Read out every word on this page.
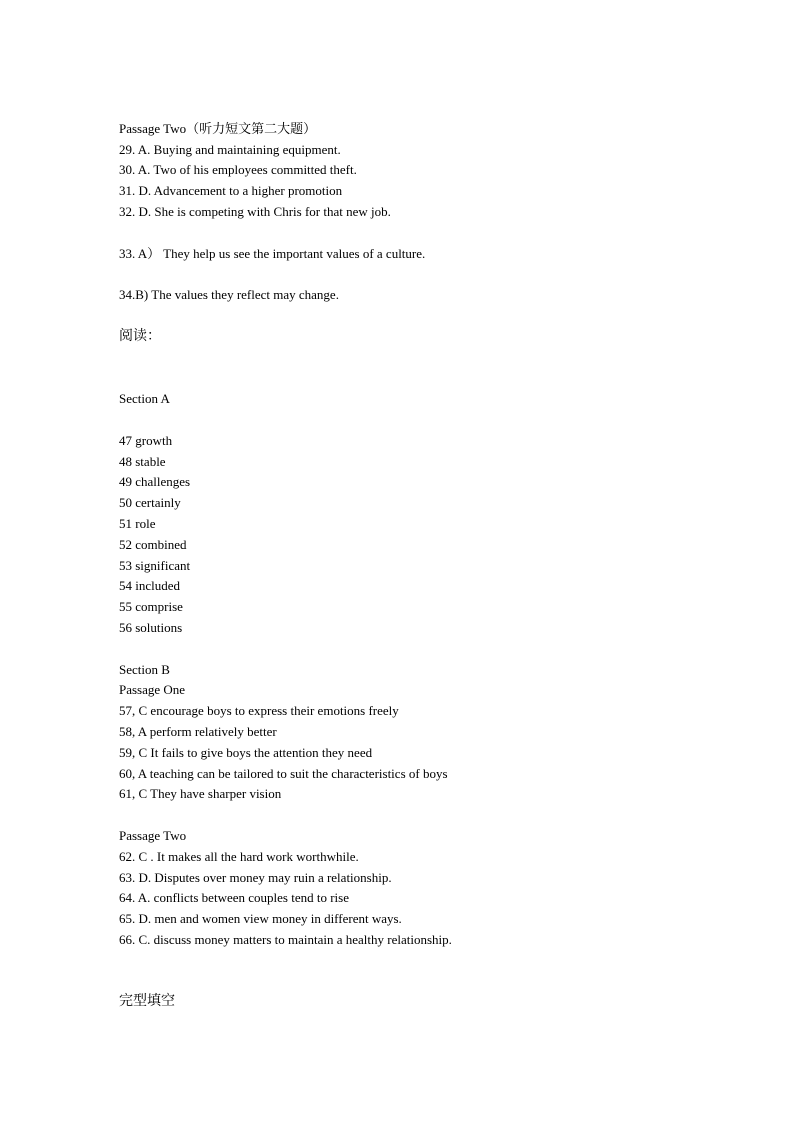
Passage Two（听力短文第二大题）
29. A. Buying and maintaining equipment.
30. A. Two of his employees committed theft.
31. D. Advancement to a higher promotion
32. D. She is competing with Chris for that new job.
33. A） They help us see the important values of a culture.
34.B) The values they reflect may change.
阅读：
Section A
47 growth
48 stable
49 challenges
50 certainly
51 role
52 combined
53 significant
54 included
55 comprise
56 solutions
Section B
Passage One
57, C encourage boys to express their emotions freely
58, A perform relatively better
59, C It fails to give boys the attention they need
60, A teaching can be tailored to suit the characteristics of boys
61, C They have sharper vision
Passage Two
62. C . It makes all the hard work worthwhile.
63. D. Disputes over money may ruin a relationship.
64. A. conflicts between couples tend to rise
65. D. men and women view money in different ways.
66. C. discuss money matters to maintain a healthy relationship.
完型填空
